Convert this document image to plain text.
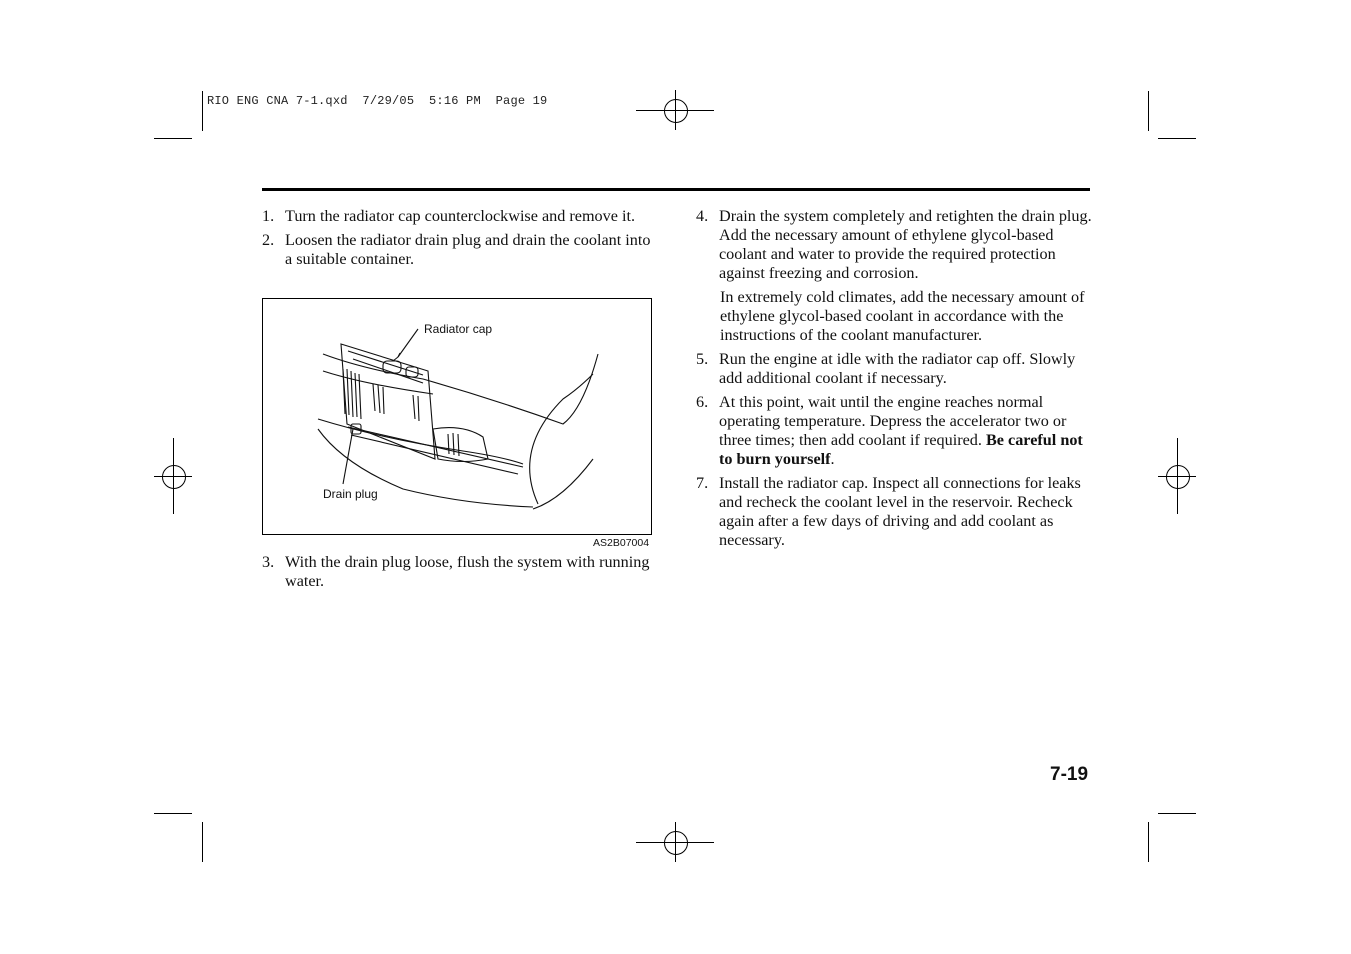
RIO ENG CNA 7-1.qxd  7/29/05  5:16 PM  Page 19
1. Turn the radiator cap counterclockwise and remove it.
2. Loosen the radiator drain plug and drain the coolant into a suitable container.
Radiator cap
Drain plug
AS2B07004
3. With the drain plug loose, flush the system with running water.
4. Drain the system completely and retighten the drain plug. Add the necessary amount of ethylene glycol-based coolant and water to provide the required protection against freezing and corrosion.
In extremely cold climates, add the necessary amount of ethylene glycol-based coolant in accordance with the instructions of the coolant manufacturer.
5. Run the engine at idle with the radiator cap off. Slowly add additional coolant if necessary.
6. At this point, wait until the engine reaches normal operating temperature. Depress the accelerator two or three times; then add coolant if required. Be careful not to burn yourself.
7. Install the radiator cap. Inspect all connections for leaks and recheck the coolant level in the reservoir. Recheck again after a few days of driving and add coolant as necessary.
7-19
